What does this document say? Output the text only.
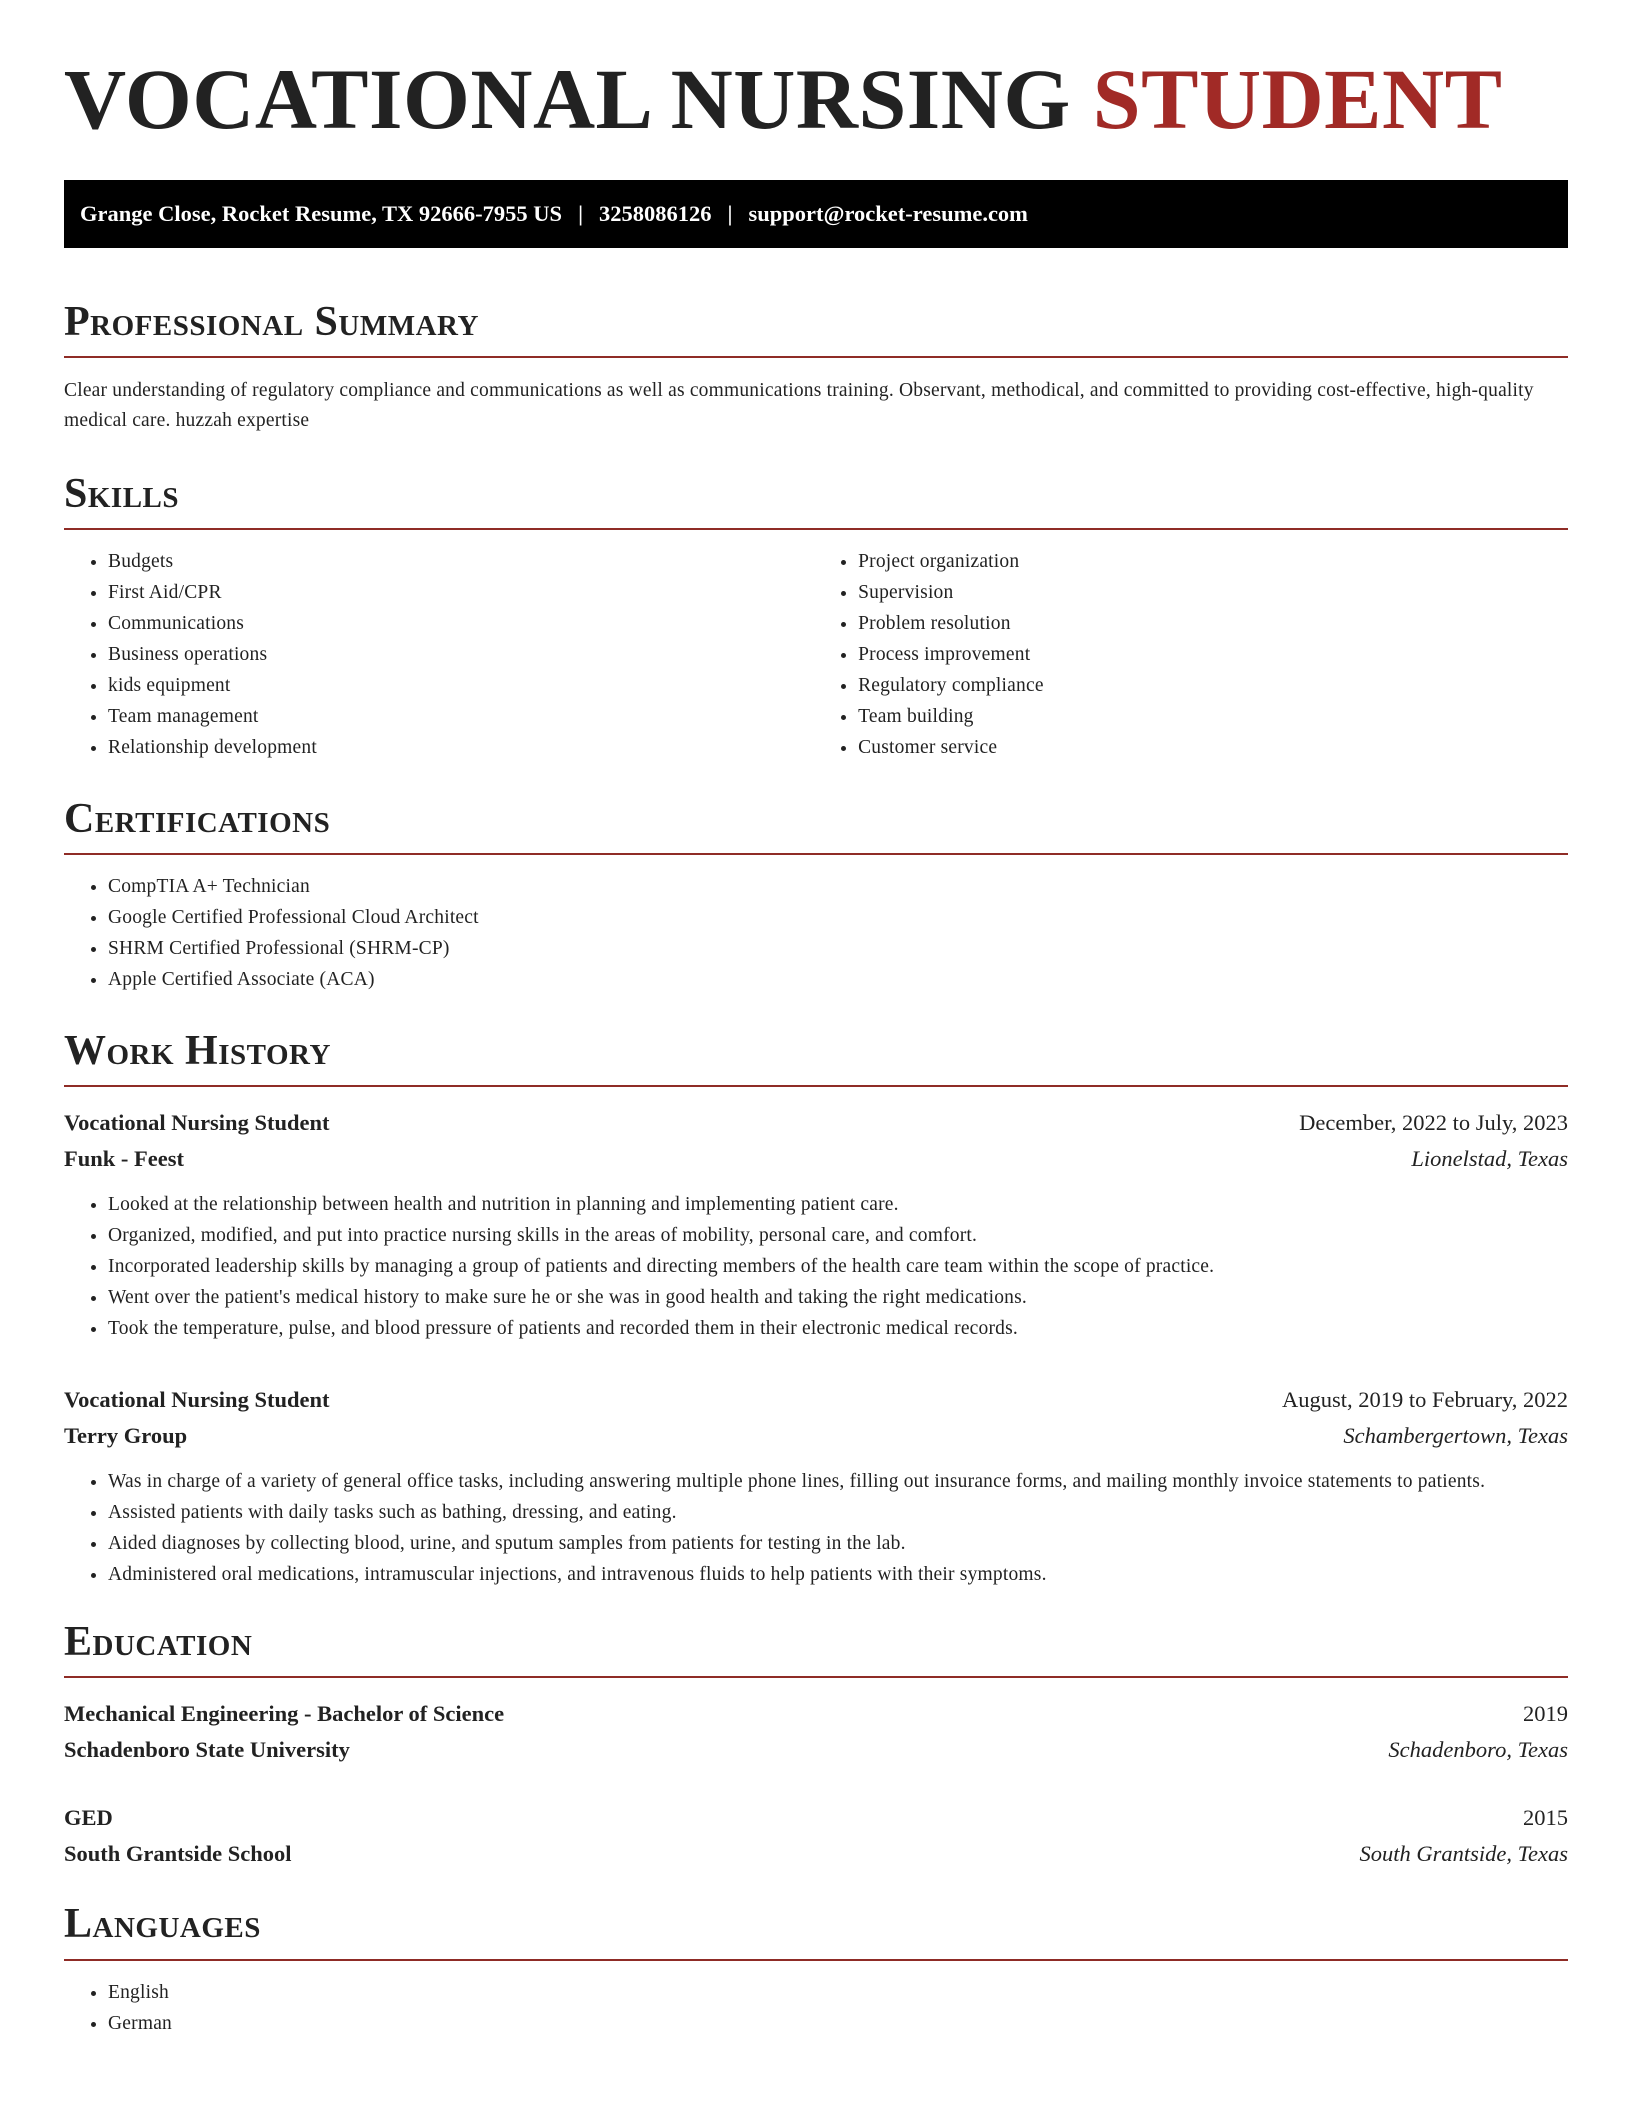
VOCATIONAL NURSING STUDENT
Grange Close, Rocket Resume, TX 92666-7955 US | 3258086126 | support@rocket-resume.com
Professional Summary

Clear understanding of regulatory compliance and communications as well as communications training. Observant, methodical, and committed to providing cost-effective, high-quality medical care. huzzah expertise

Skills
• Budgets
• First Aid/CPR
• Communications
• Business operations
• kids equipment
• Team management
• Relationship development
• Project organization
• Supervision
• Problem resolution
• Process improvement
• Regulatory compliance
• Team building
• Customer service
Certifications
• CompTIA A+ Technician
• Google Certified Professional Cloud Architect
• SHRM Certified Professional (SHRM-CP)
• Apple Certified Associate (ACA)
Work History
Vocational Nursing Student	December, 2022 to July, 2023
Funk - Feest	Lionelstad, Texas
• Looked at the relationship between health and nutrition in planning and implementing patient care.
• Organized, modified, and put into practice nursing skills in the areas of mobility, personal care, and comfort.
• Incorporated leadership skills by managing a group of patients and directing members of the health care team within the scope of practice.
• Went over the patient's medical history to make sure he or she was in good health and taking the right medications.
• Took the temperature, pulse, and blood pressure of patients and recorded them in their electronic medical records.
Vocational Nursing Student	August, 2019 to February, 2022
Terry Group	Schambergertown, Texas
• Was in charge of a variety of general office tasks, including answering multiple phone lines, filling out insurance forms, and mailing monthly invoice statements to patients.
• Assisted patients with daily tasks such as bathing, dressing, and eating.
• Aided diagnoses by collecting blood, urine, and sputum samples from patients for testing in the lab.
• Administered oral medications, intramuscular injections, and intravenous fluids to help patients with their symptoms.
Education
Mechanical Engineering - Bachelor of Science	2019
Schadenboro State University	Schadenboro, Texas
GED	2015
South Grantside School	South Grantside, Texas
Languages
• English
• German
